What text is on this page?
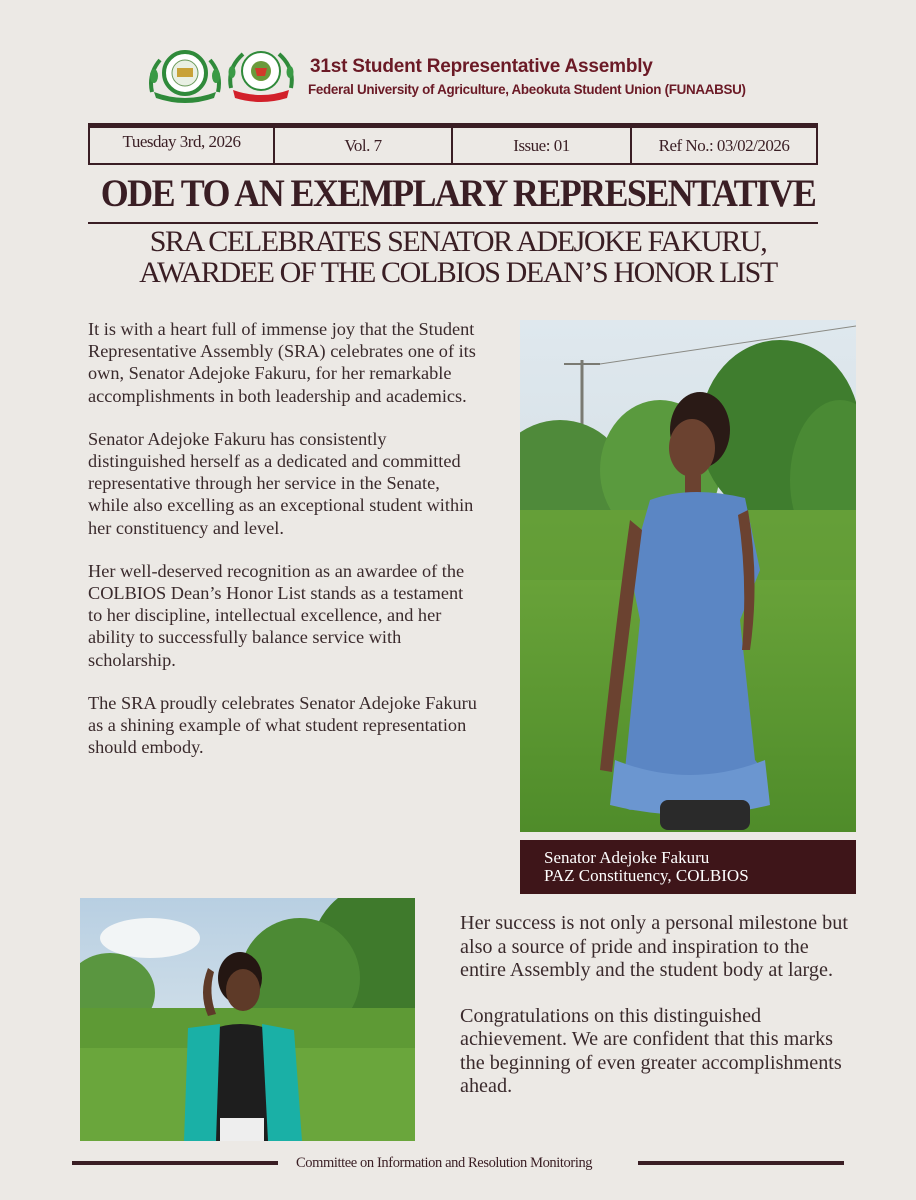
31st Student Representative Assembly
Federal University of Agriculture, Abeokuta Student Union (FUNAABSU)
Tuesday 3rd, 2026	Vol. 7	Issue: 01	Ref No.: 03/02/2026
ODE TO AN EXEMPLARY REPRESENTATIVE
SRA CELEBRATES SENATOR ADEJOKE FAKURU,
AWARDEE OF THE COLBIOS DEAN’S HONOR LIST

It is with a heart full of immense joy that the Student Representative Assembly (SRA) celebrates one of its own, Senator Adejoke Fakuru, for her remarkable accomplishments in both leadership and academics.

Senator Adejoke Fakuru has consistently distinguished herself as a dedicated and committed representative through her service in the Senate, while also excelling as an exceptional student within her constituency and level.

Her well-deserved recognition as an awardee of the COLBIOS Dean’s Honor List stands as a testament to her discipline, intellectual excellence, and her ability to successfully balance service with scholarship.

The SRA proudly celebrates Senator Adejoke Fakuru as a shining example of what student representation should embody.

Senator Adejoke Fakuru
PAZ Constituency, COLBIOS

Her success is not only a personal milestone but also a source of pride and inspiration to the entire Assembly and the student body at large.

Congratulations on this distinguished achievement. We are confident that this marks the beginning of even greater accomplishments ahead.

Committee on Information and Resolution Monitoring
